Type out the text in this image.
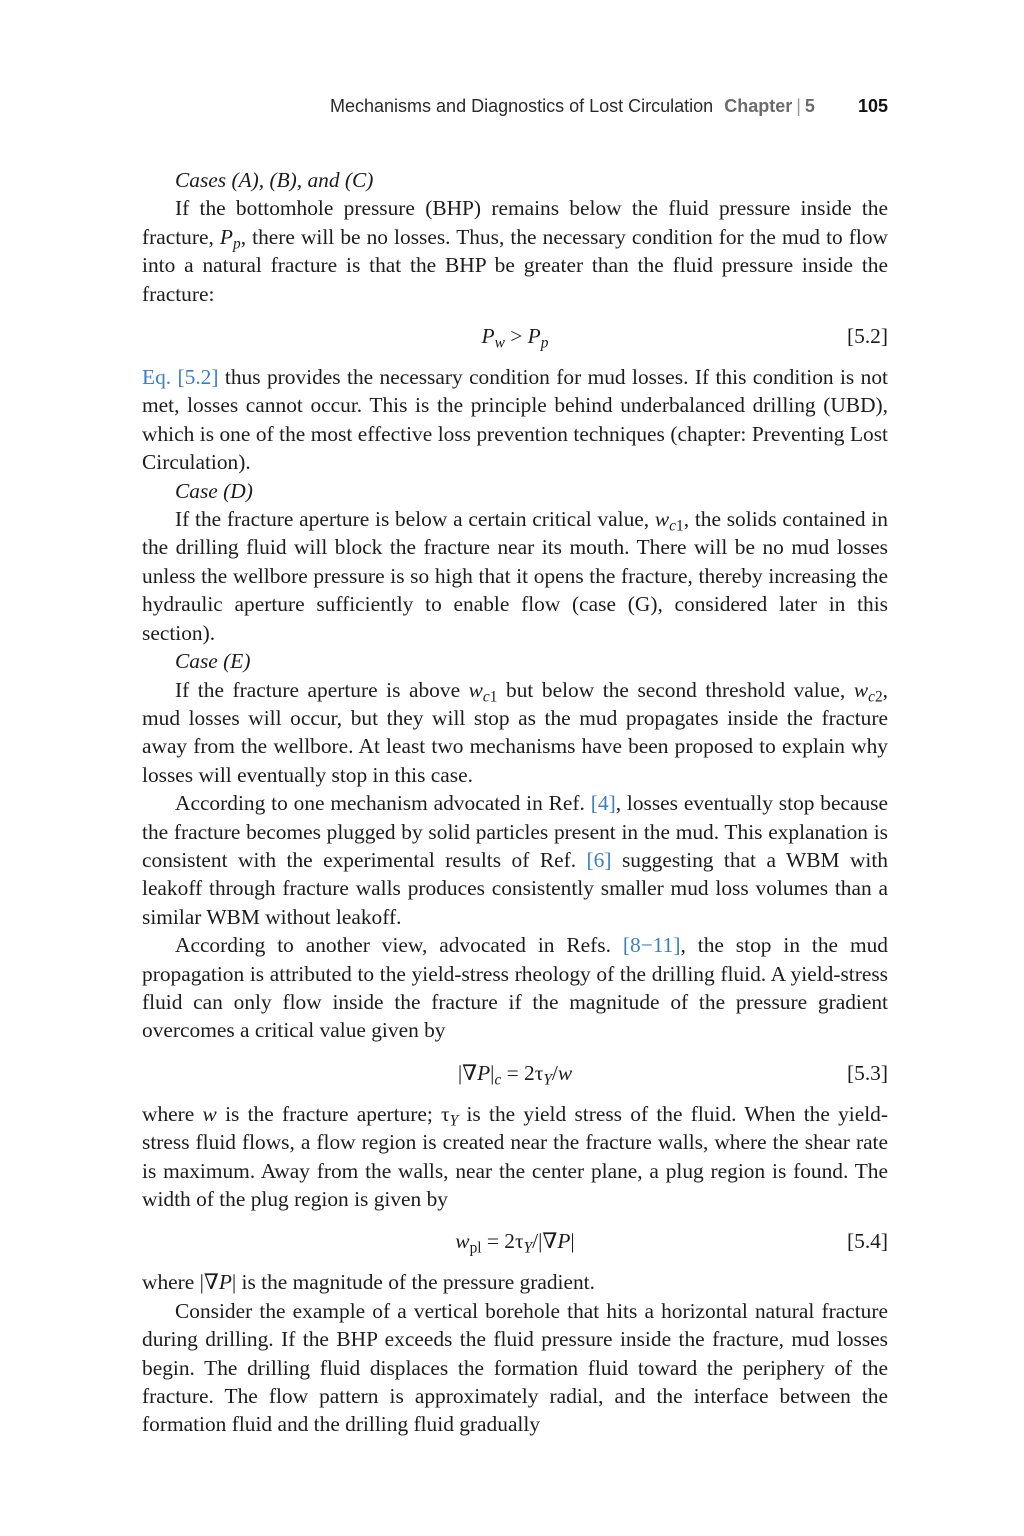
Mechanisms and Diagnostics of Lost Circulation Chapter | 5 105

Cases (A), (B), and (C)

If the bottomhole pressure (BHP) remains below the fluid pressure inside the fracture, $P_p$, there will be no losses. Thus, the necessary condition for the mud to flow into a natural fracture is that the BHP be greater than the fluid pressure inside the fracture:

$P_w > P_p$	[5.2]

Eq. [5.2] thus provides the necessary condition for mud losses. If this condition is not met, losses cannot occur. This is the principle behind underbalanced drilling (UBD), which is one of the most effective loss prevention techniques (chapter: Preventing Lost Circulation).

Case (D)

If the fracture aperture is below a certain critical value, $w_{c1}$, the solids contained in the drilling fluid will block the fracture near its mouth. There will be no mud losses unless the wellbore pressure is so high that it opens the fracture, thereby increasing the hydraulic aperture sufficiently to enable flow (case (G), considered later in this section).

Case (E)

If the fracture aperture is above $w_{c1}$ but below the second threshold value, $w_{c2}$, mud losses will occur, but they will stop as the mud propagates inside the fracture away from the wellbore. At least two mechanisms have been proposed to explain why losses will eventually stop in this case.

According to one mechanism advocated in Ref. [4], losses eventually stop because the fracture becomes plugged by solid particles present in the mud. This explanation is consistent with the experimental results of Ref. [6] suggesting that a WBM with leakoff through fracture walls produces consistently smaller mud loss volumes than a similar WBM without leakoff.

According to another view, advocated in Refs. [8−11], the stop in the mud propagation is attributed to the yield-stress rheology of the drilling fluid. A yield-stress fluid can only flow inside the fracture if the magnitude of the pressure gradient overcomes a critical value given by

$|\nabla P|_c = 2\tau_Y/w$	[5.3]

where w is the fracture aperture; $\tau_Y$ is the yield stress of the fluid. When the yield-stress fluid flows, a flow region is created near the fracture walls, where the shear rate is maximum. Away from the walls, near the center plane, a plug region is found. The width of the plug region is given by

$w_{pl} = 2\tau_Y/|\nabla P|$	[5.4]

where |∇P| is the magnitude of the pressure gradient.

Consider the example of a vertical borehole that hits a horizontal natural fracture during drilling. If the BHP exceeds the fluid pressure inside the fracture, mud losses begin. The drilling fluid displaces the formation fluid toward the periphery of the fracture. The flow pattern is approximately radial, and the interface between the formation fluid and the drilling fluid gradually
